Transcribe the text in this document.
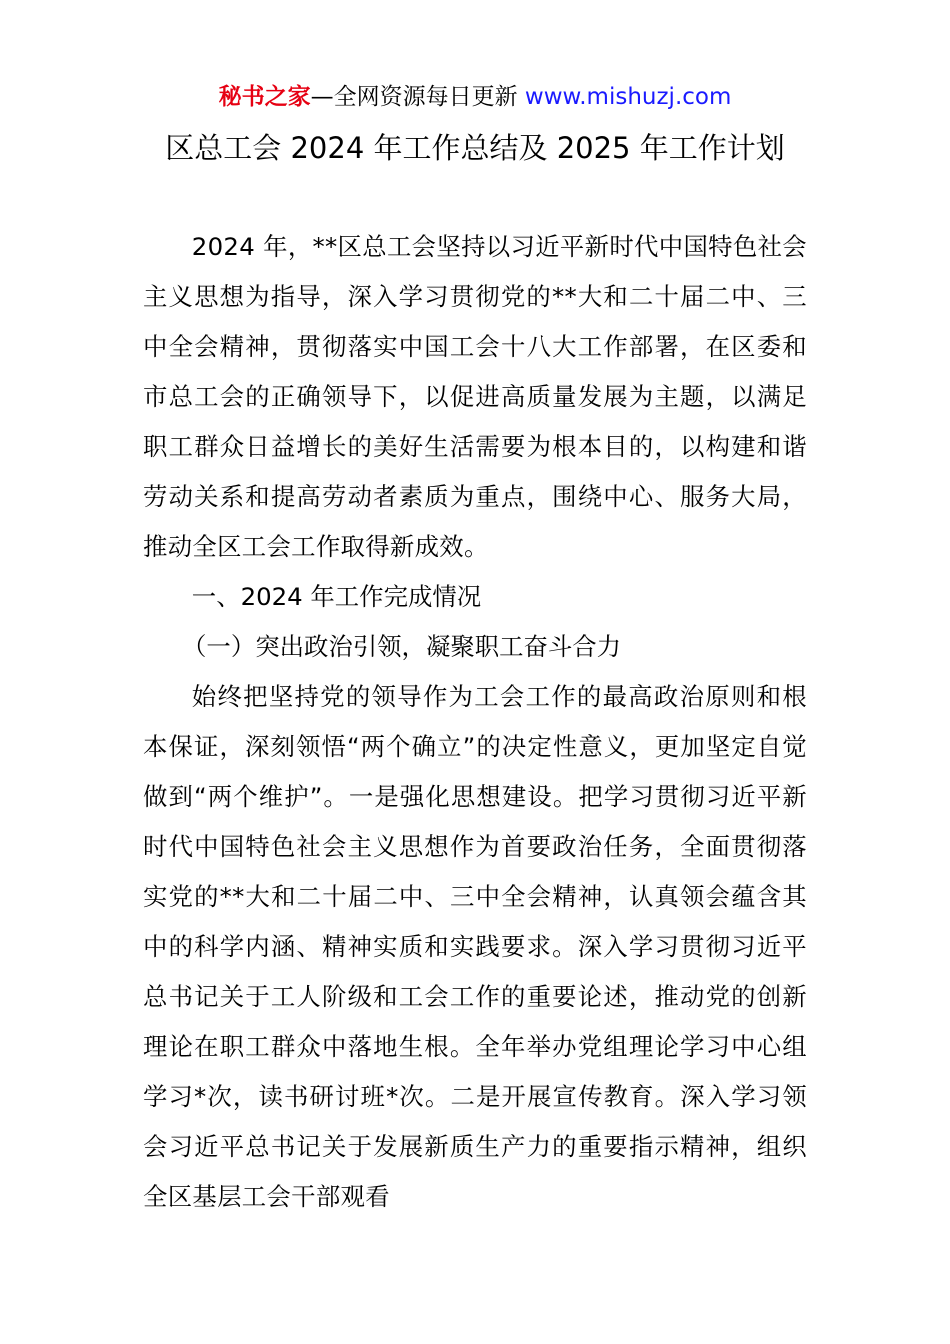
秘书之家—全网资源每日更新 www.mishuzj.com
区总工会 2024 年工作总结及 2025 年工作计划

2024 年，**区总工会坚持以习近平新时代中国特色社会主义思想为指导，深入学习贯彻党的**大和二十届二中、三中全会精神，贯彻落实中国工会十八大工作部署，在区委和市总工会的正确领导下，以促进高质量发展为主题，以满足职工群众日益增长的美好生活需要为根本目的，以构建和谐劳动关系和提高劳动者素质为重点，围绕中心、服务大局，推动全区工会工作取得新成效。

一、2024 年工作完成情况

（一）突出政治引领，凝聚职工奋斗合力

始终把坚持党的领导作为工会工作的最高政治原则和根本保证，深刻领悟“两个确立”的决定性意义，更加坚定自觉做到“两个维护”。一是强化思想建设。把学习贯彻习近平新时代中国特色社会主义思想作为首要政治任务，全面贯彻落实党的**大和二十届二中、三中全会精神，认真领会蕴含其中的科学内涵、精神实质和实践要求。深入学习贯彻习近平总书记关于工人阶级和工会工作的重要论述，推动党的创新理论在职工群众中落地生根。全年举办党组理论学习中心组学习*次，读书研讨班*次。二是开展宣传教育。深入学习领会习近平总书记关于发展新质生产力的重要指示精神，组织全区基层工会干部观看
